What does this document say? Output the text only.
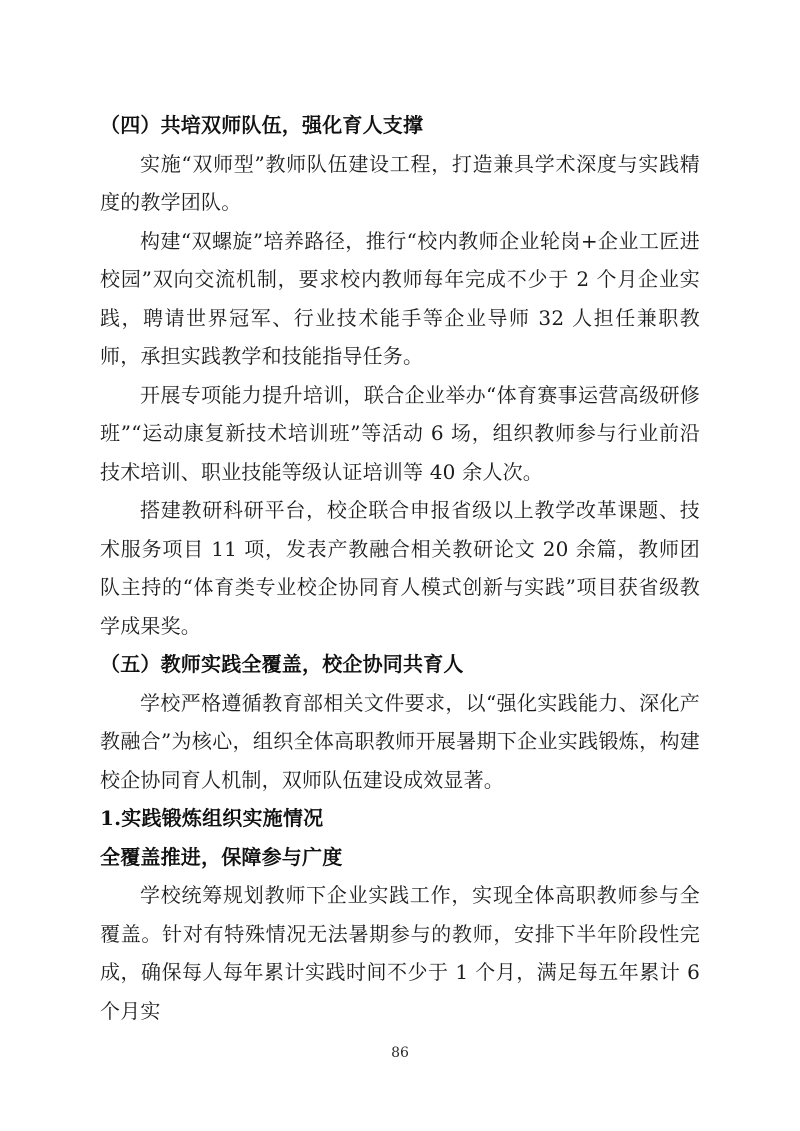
（四）共培双师队伍，强化育人支撑

实施“双师型”教师队伍建设工程，打造兼具学术深度与实践精度的教学团队。

构建“双螺旋”培养路径，推行“校内教师企业轮岗+企业工匠进校园”双向交流机制，要求校内教师每年完成不少于 2 个月企业实践，聘请世界冠军、行业技术能手等企业导师 32 人担任兼职教师，承担实践教学和技能指导任务。

开展专项能力提升培训，联合企业举办“体育赛事运营高级研修班”“运动康复新技术培训班”等活动 6 场，组织教师参与行业前沿技术培训、职业技能等级认证培训等 40 余人次。

搭建教研科研平台，校企联合申报省级以上教学改革课题、技术服务项目 11 项，发表产教融合相关教研论文 20 余篇，教师团队主持的“体育类专业校企协同育人模式创新与实践”项目获省级教学成果奖。

（五）教师实践全覆盖，校企协同共育人

学校严格遵循教育部相关文件要求，以“强化实践能力、深化产教融合”为核心，组织全体高职教师开展暑期下企业实践锻炼，构建校企协同育人机制，双师队伍建设成效显著。

1.实践锻炼组织实施情况
全覆盖推进，保障参与广度

学校统筹规划教师下企业实践工作，实现全体高职教师参与全覆盖。针对有特殊情况无法暑期参与的教师，安排下半年阶段性完成，确保每人每年累计实践时间不少于 1 个月，满足每五年累计 6 个月实

86
